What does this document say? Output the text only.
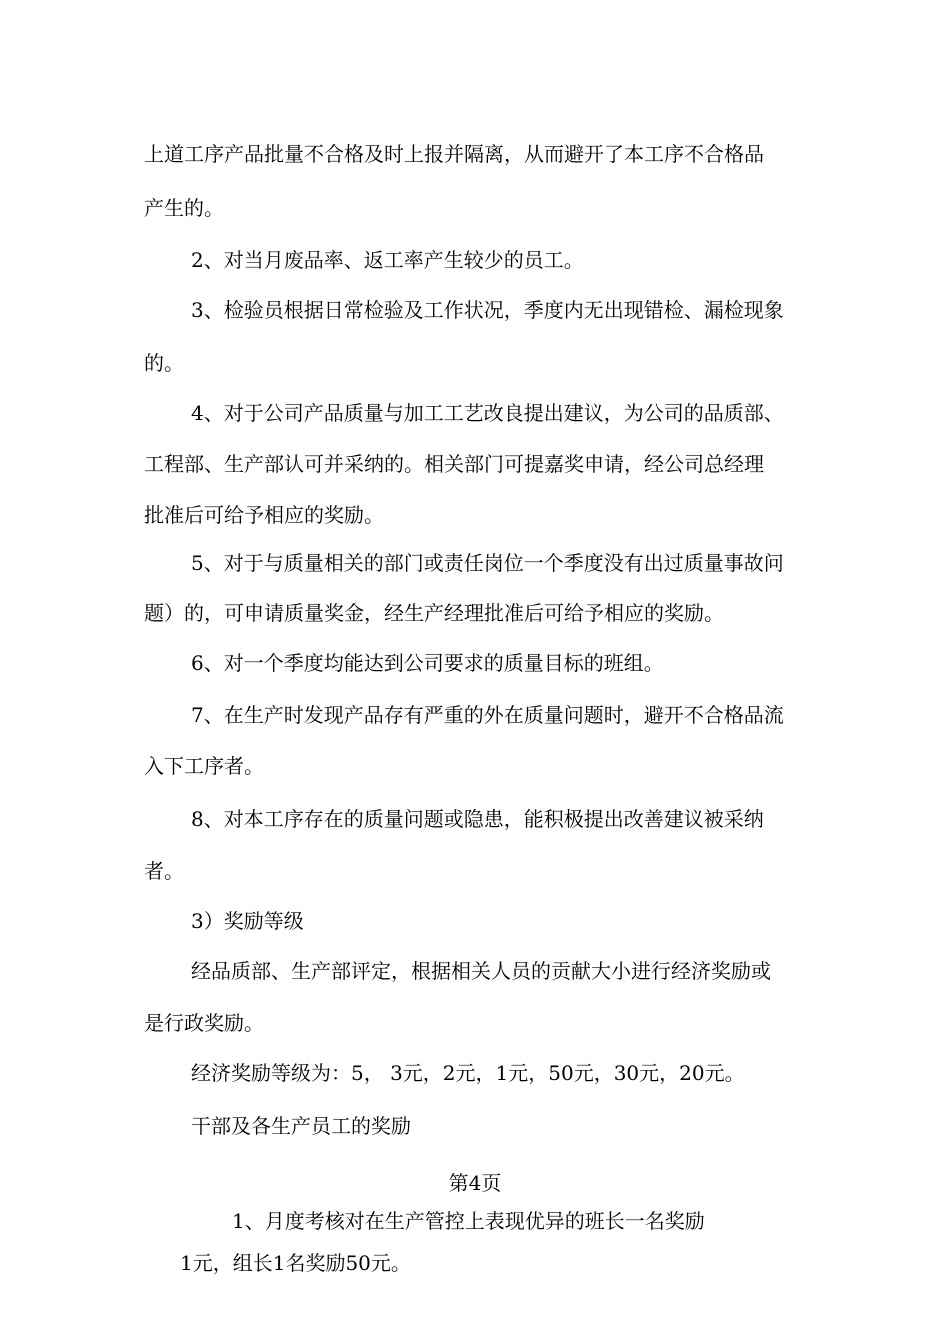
上道工序产品批量不合格及时上报并隔离，从而避开了本工序不合格品

产生的。

2、对当月废品率、返工率产生较少的员工。

3、检验员根据日常检验及工作状况，季度内无出现错检、漏检现象

的。

4、对于公司产品质量与加工工艺改良提出建议，为公司的品质部、

工程部、生产部认可并采纳的。相关部门可提嘉奖申请，经公司总经理

批准后可给予相应的奖励。

5、对于与质量相关的部门或责任岗位一个季度没有出过质量事故问

题）的，可申请质量奖金，经生产经理批准后可给予相应的奖励。

6、对一个季度均能达到公司要求的质量目标的班组。

7、在生产时发现产品存有严重的外在质量问题时，避开不合格品流

入下工序者。

8、对本工序存在的质量问题或隐患，能积极提出改善建议被采纳

者。

3）奖励等级

经品质部、生产部评定，根据相关人员的贡献大小进行经济奖励或

是行政奖励。

经济奖励等级为：5， 3元，2元，1元，50元，30元，20元。

干部及各生产员工的奖励

第4页

1、月度考核对在生产管控上表现优异的班长一名奖励

1元，组长1名奖励50元。
